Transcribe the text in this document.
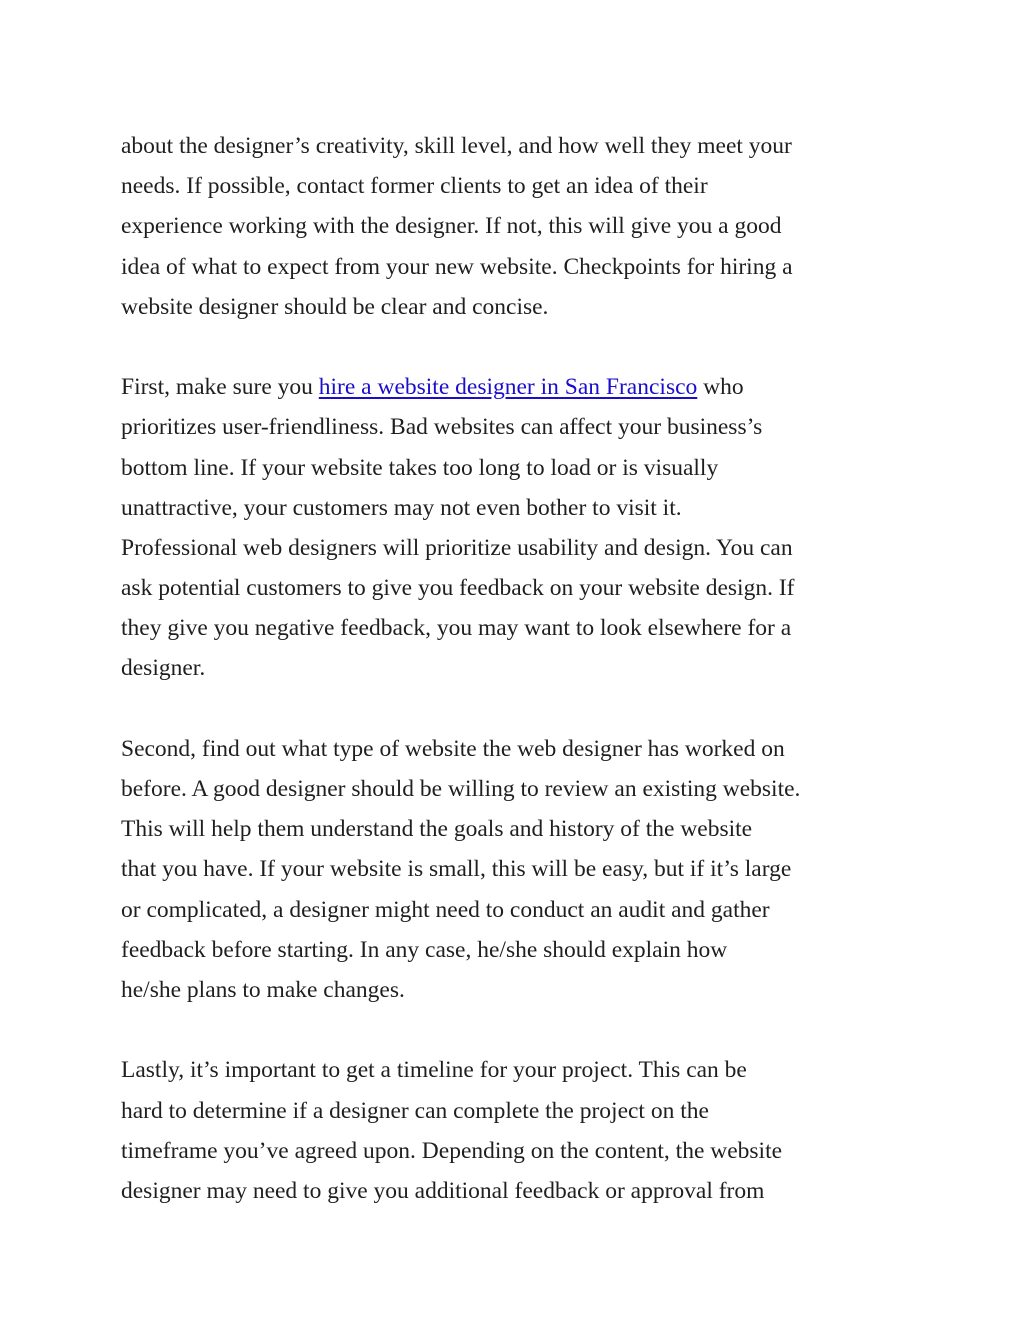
about the designer’s creativity, skill level, and how well they meet your
needs. If possible, contact former clients to get an idea of their
experience working with the designer. If not, this will give you a good
idea of what to expect from your new website. Checkpoints for hiring a
website designer should be clear and concise.

First, make sure you hire a website designer in San Francisco who
prioritizes user-friendliness. Bad websites can affect your business’s
bottom line. If your website takes too long to load or is visually
unattractive, your customers may not even bother to visit it.
Professional web designers will prioritize usability and design. You can
ask potential customers to give you feedback on your website design. If
they give you negative feedback, you may want to look elsewhere for a
designer.

Second, find out what type of website the web designer has worked on
before. A good designer should be willing to review an existing website.
This will help them understand the goals and history of the website
that you have. If your website is small, this will be easy, but if it’s large
or complicated, a designer might need to conduct an audit and gather
feedback before starting. In any case, he/she should explain how
he/she plans to make changes.

Lastly, it’s important to get a timeline for your project. This can be
hard to determine if a designer can complete the project on the
timeframe you’ve agreed upon. Depending on the content, the website
designer may need to give you additional feedback or approval from
